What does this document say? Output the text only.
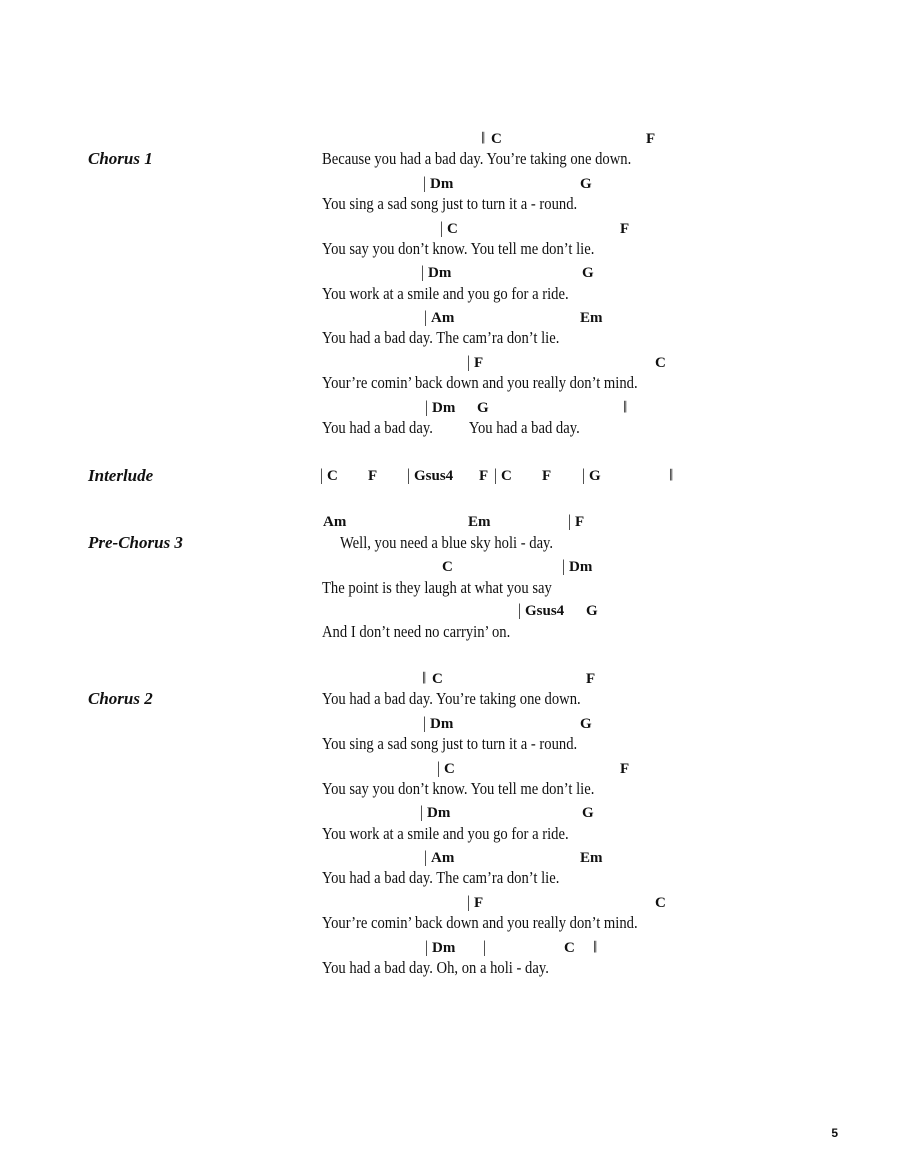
Chorus 1
‖ C	F
Because you had a bad day. You’re taking one down.
| Dm	G
You sing a sad song just to turn it a - round.
| C	F
You say you don’t know. You tell me don’t lie.
| Dm	G
You work at a smile and you go for a ride.
| Am	Em
You had a bad day. The cam’ra don’t lie.
| F	C
Your’re comin’ back down and you really don’t mind.
| Dm G	‖
You had a bad day.          You had a bad day.
Interlude	| C F | Gsus4 F | C F | G	‖
Pre-Chorus 3
Am	Em	| F
Well, you need a blue sky holi - day.
C	| Dm
The point is they laugh at what you say
| Gsus4 G
And I don’t need no carryin’ on.
Chorus 2
‖ C	F
You had a bad day. You’re taking one down.
| Dm	G
You sing a sad song just to turn it a - round.
| C	F
You say you don’t know. You tell me don’t lie.
| Dm	G
You work at a smile and you go for a ride.
| Am	Em
You had a bad day. The cam’ra don’t lie.
| F	C
Your’re comin’ back down and you really don’t mind.
| Dm |	C ‖
You had a bad day. Oh, on a holi - day.
5
